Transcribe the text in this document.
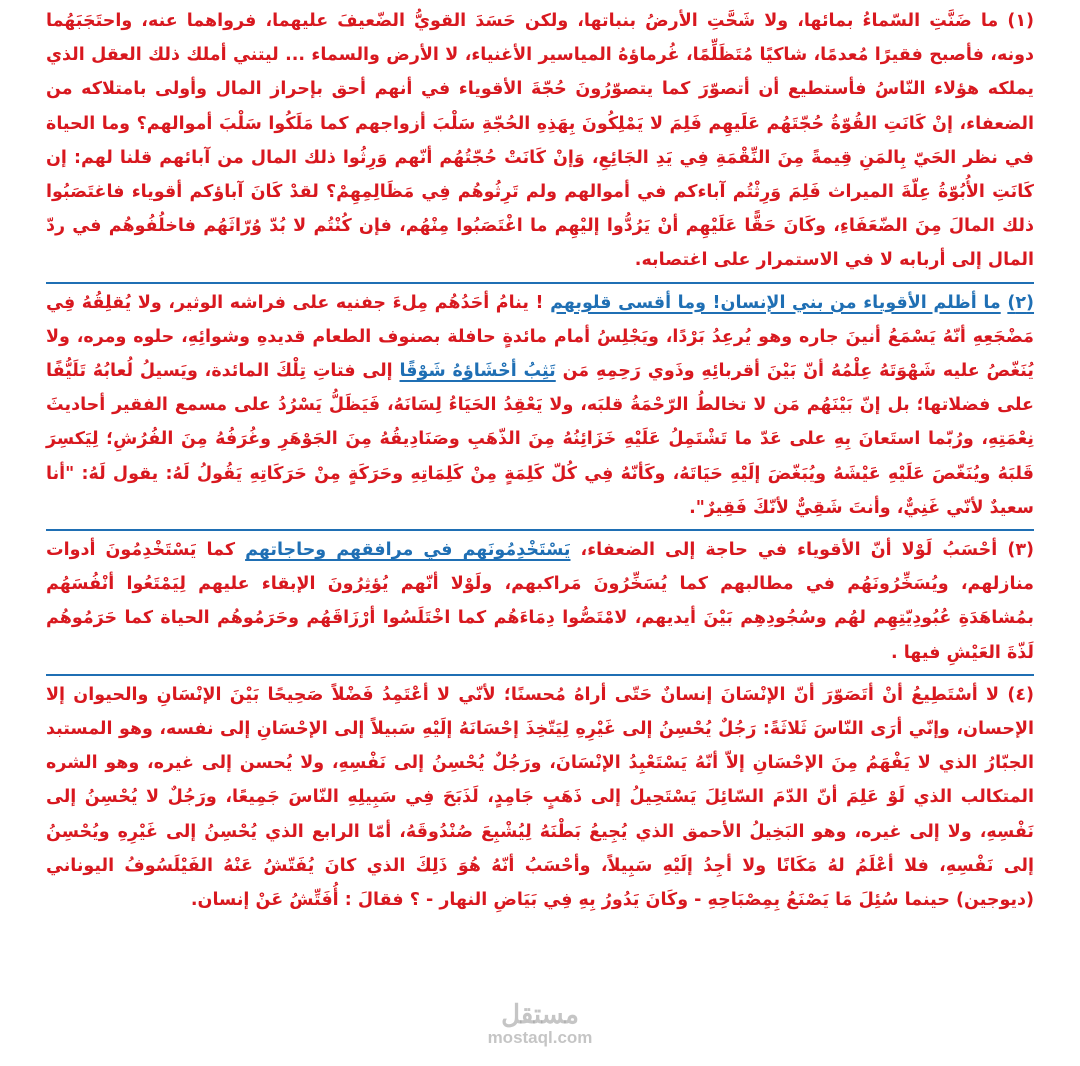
(١) ما ضَنَّتِ السّماءُ بمائها، ولا شَحَّتِ الأرضُ بنباتها، ولكن حَسَدَ القويُّ الضّعيفَ عليهما، فرواهما عنه، واحتَجَبَهُما دونه، فأصبح فقيرًا مُعدمًا، شاكيًا مُتَظَلِّمًا، غُرماؤهُ المياسير الأغنياء، لا الأرض والسماء ... ليتني أملك ذلك العقل الذي يملكه هؤلاء النّاسُ فأستطيع أن أتصوّرَ كما يتصوّرُونَ حُجّةَ الأقوياء في أنهم أحق بإحراز المال وأولى بامتلاكه من الضعفاء، إنْ كَانَتِ القُوّةُ حُجّتَهُم عَلَيهِم فَلِمَ لا يَمْلِكُونَ بِهَذِهِ الحُجّةِ سَلْبَ أزواجهم كما مَلَكُوا سَلْبَ أموالهم؟ وما الحياة في نظر الحَيّ بِالمَنِ قِيمةً مِنَ النِّقْمَةِ فِي يَدِ الجَائِعِ، وَإنْ كَانَتْ حُجّتُهُم أنّهم وَرِثُوا ذلك المال من آبائهم قلنا لهم: إن كَانَتِ الأُبُوّةُ عِلّةَ الميراث فَلِمَ وَرِثْتُم آباءكم في أموالهم ولم تَرِثُوهُم فِي مَظَالِمِهِمْ؟ لقدْ كَانَ آباؤكم أقوياء فاغتَصَبُوا ذلك المالَ مِنَ الضّعَفَاءِ، وكَانَ حَقًّا عَلَيْهِم أنْ يَرُدُّوا إليْهِم ما اغْتَصَبُوا مِنْهُم، فإن كُنْتُم لا بُدّ وُرّاثَهُم فاخلُفُوهُم في ردّ المال إلى أربابه لا في الاستمرار على اغتصابه.

(٢) ما أظلم الأقوياء من بني الإنسان! وما أقسى قلوبهم ! ينامُ أحَدُهُم مِلءَ جفنيه على فراشه الوثير، ولا يُقلِقُهُ فِي مَضْجَعِهِ أنّهُ يَسْمَعُ أنينَ جاره وهو يُرعِدُ بَرْدًا، ويَجْلِسُ أمام مائدةٍ حافلة بصنوف الطعام قديدهِ وشوائِهِ، حلوه ومره، ولا يُنَغّصُ عليه شَهْوَتَهُ عِلْمُهُ أنّ بَيْنَ أقربائِهِ وذَوي رَحِمِهِ مَن تَثِبُ أحْشَاؤهُ شَوْقًا إلى فتاتِ تِلْكَ المائدة، ويَسيلُ لُعابُهُ تَلَيُّفًا على فضلاتها؛ بل إنّ بَيْنَهُم مَن لا تخالطُ الرّحْمَةُ قلبَه، ولا يَعْقِدُ الحَيَاءُ لِسَانَهُ، فَيَظَلُّ يَسْرُدُ على مسمع الفقير أحاديثَ نِعْمَتِهِ، ورُبّما استَعانَ بِهِ على عَدّ ما تَشْتَمِلُ عَلَيْهِ خَزَائِنُهُ مِنَ الذّهَبِ وصَنَادِيقُهُ مِنَ الجَوْهَرِ وغُرَفُهُ مِنَ الفُرُشِ؛ لِيَكسِرَ قَلبَهُ ويُنَغّصَ عَلَيْهِ عَيْشَهُ ويُبَغّضَ إلَيْهِ حَيَاتَهُ، وكَأنّهُ فِي كُلّ كَلِمَةٍ مِنْ كَلِمَاتِهِ وحَرَكَةٍ مِنْ حَرَكَاتِهِ يَقُولُ لَهُ: يقول لَهُ: "أنا سعيدٌ لأنّي غَنِيٌّ، وأنتَ شَقِيٌّ لأنّكَ فَقِيرٌ".

(٣) أحْسَبُ لَوْلا أنّ الأقوياء في حاجة إلى الضعفاء، يَسْتَخْدِمُونَهم في مرافقهم وحاجاتهم كما يَسْتَخْدِمُونَ أدوات منازلهم، ويُسَخِّرُونَهُم في مطالبهم كما يُسَخِّرُونَ مَراكبهم، ولَوْلا أنّهم يُؤثِرُونَ الإبقاء عليهم لِيَمْتَعُوا أنْفُسَهُم بمُشاهَدَةِ عُبُودِيّتِهِم لهُم وسُجُودِهِم بَيْنَ أيديهم، لامْتَصُّوا دِمَاءَهُم كما اخْتَلَسُوا أرْزَاقَهُم وحَرَمُوهُم الحياة كما حَرَمُوهُم لَذّةَ العَيْشِ فيها .

(٤) لا أسْتَطِيعُ أنْ أتَصَوّرَ أنّ الإنْسَانَ إنسانٌ حَتّى أراهُ مُحسنًا؛ لأنّي لا أعْتَمِدُ فَضْلاً صَحِيحًا بَيْنَ الإنْسَانِ والحيوان إلا الإحسان، وإنّي أرَى النّاسَ ثَلاثَةً: رَجُلٌ يُحْسِنُ إلى غَيْرِهِ لِيَتّخِذَ إحْسَانَهُ إلَيْهِ سَبيلاً إلى الإحْسَانِ إلى نفسه، وهو المستبد الجبّارُ الذي لا يَفْهَمُ مِنَ الإحْسَانِ إلاّ أنّهُ يَسْتَعْبِدُ الإنْسَانَ، ورَجُلٌ يُحْسِنُ إلى نَفْسِهِ، ولا يُحسن إلى غيره، وهو الشره المتكالب الذي لَوْ عَلِمَ أنّ الدّمَ السّائِلَ يَسْتَحِيلُ إلى ذَهَبٍ جَامِدٍ، لَذَبَحَ فِي سَبِيلِهِ النّاسَ جَمِيعًا، ورَجُلٌ لا يُحْسِنُ إلى نَفْسِهِ، ولا إلى غيره، وهو البَخِيلُ الأحمق الذي يُجِيعُ بَطْنَهُ لِيُشْبِعَ صُنْدُوقَهُ، أمّا الرابع الذي يُحْسِنُ إلى غَيْرِهِ ويُحْسِنُ إلى نَفْسِهِ، فلا أعْلَمُ لهُ مَكَانًا ولا أجِدُ إلَيْهِ سَبِيلاً، وأحْسَبُ أنّهُ هُوَ ذَلِكَ الذي كانَ يُفَتّشُ عَنْهُ الفَيْلَسُوفُ اليوناني (ديوجين) حينما سُئِلَ مَا يَصْنَعُ بِمِصْبَاحِهِ - وكَانَ يَدُورُ بِهِ فِي بَيَاضِ النهار - ؟ فقالَ : أُفَتِّشُ عَنْ إنسان.

مستقل
mostaql.com
